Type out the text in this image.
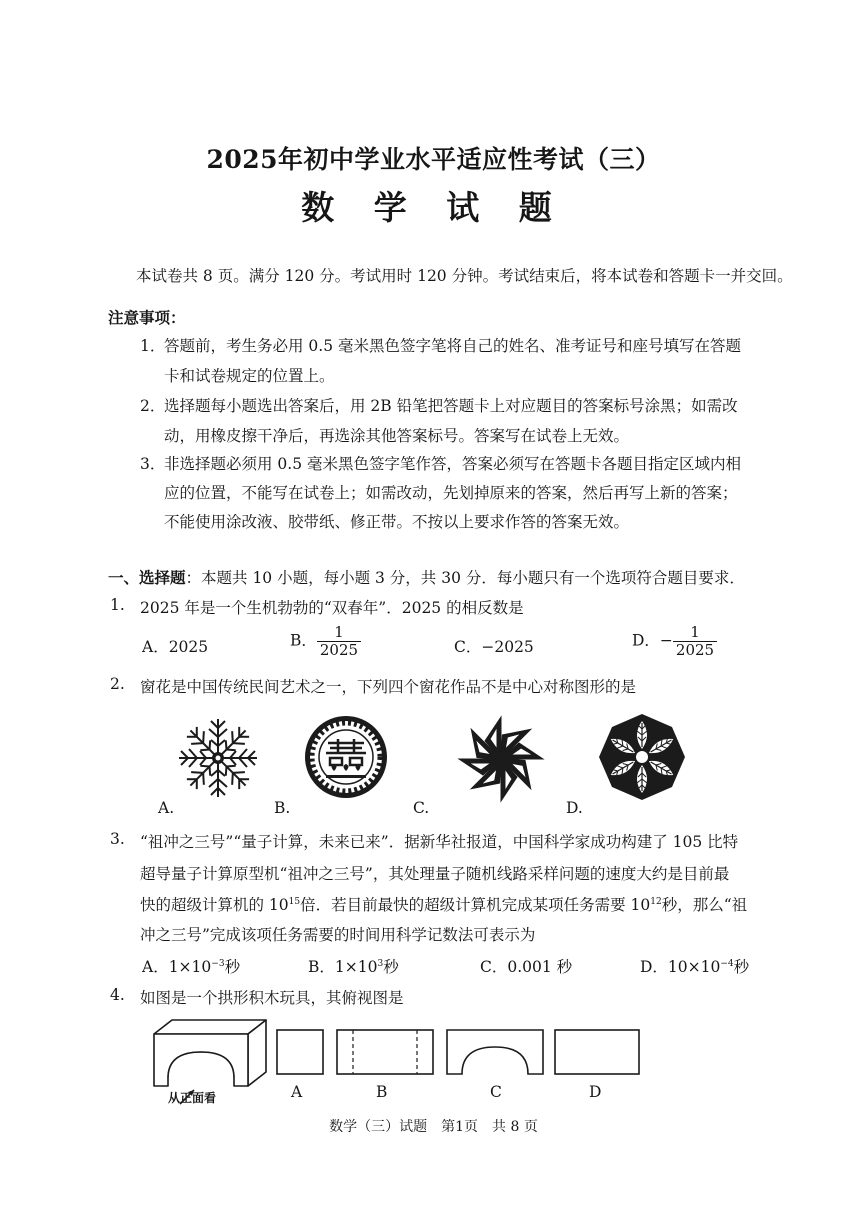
2025年初中学业水平适应性考试（三）
数 学 试 题
本试卷共 8 页。满分 120 分。考试用时 120 分钟。考试结束后，将本试卷和答题卡一并交回。
注意事项：
1．
答题前，考生务必用 0.5 毫米黑色签字笔将自己的姓名、准考证号和座号填写在答题
卡和试卷规定的位置上。
2．
选择题每小题选出答案后，用 2B 铅笔把答题卡上对应题目的答案标号涂黑；如需改
动，用橡皮擦干净后，再选涂其他答案标号。答案写在试卷上无效。
3．
非选择题必须用 0.5 毫米黑色签字笔作答，答案必须写在答题卡各题目指定区域内相
应的位置，不能写在试卷上；如需改动，先划掉原来的答案，然后再写上新的答案；
不能使用涂改液、胶带纸、修正带。不按以上要求作答的答案无效。
一、选择题：本题共 10 小题，每小题 3 分，共 30 分．每小题只有一个选项符合题目要求．
1. 2025 年是一个生机勃勃的“双春年”．2025 的相反数是
A．2025	B． $\frac{1}{2025}$	C．−2025	D．− $\frac{1}{2025}$
2. 窗花是中国传统民间艺术之一，下列四个窗花作品不是中心对称图形的是
A.	B.	C.	D.
3. “祖冲之三号”“量子计算，未来已来”．据新华社报道，中国科学家成功构建了 105 比特
超导量子计算原型机“祖冲之三号”，其处理量子随机线路采样问题的速度大约是目前最
快的超级计算机的 $10^{15}$倍．若目前最快的超级计算机完成某项任务需要 $10^{12}$秒，那么“祖
冲之三号”完成该项任务需要的时间用科学记数法可表示为
A．$1\times 10^{-3}$秒	B．$1\times 10^3$秒	C．0.001 秒	D．$10\times 10^{-4}$秒
4. 如图是一个拱形积木玩具，其俯视图是
从正面看	A	B	C	D
数学（三）试题　第1页　共 8 页
